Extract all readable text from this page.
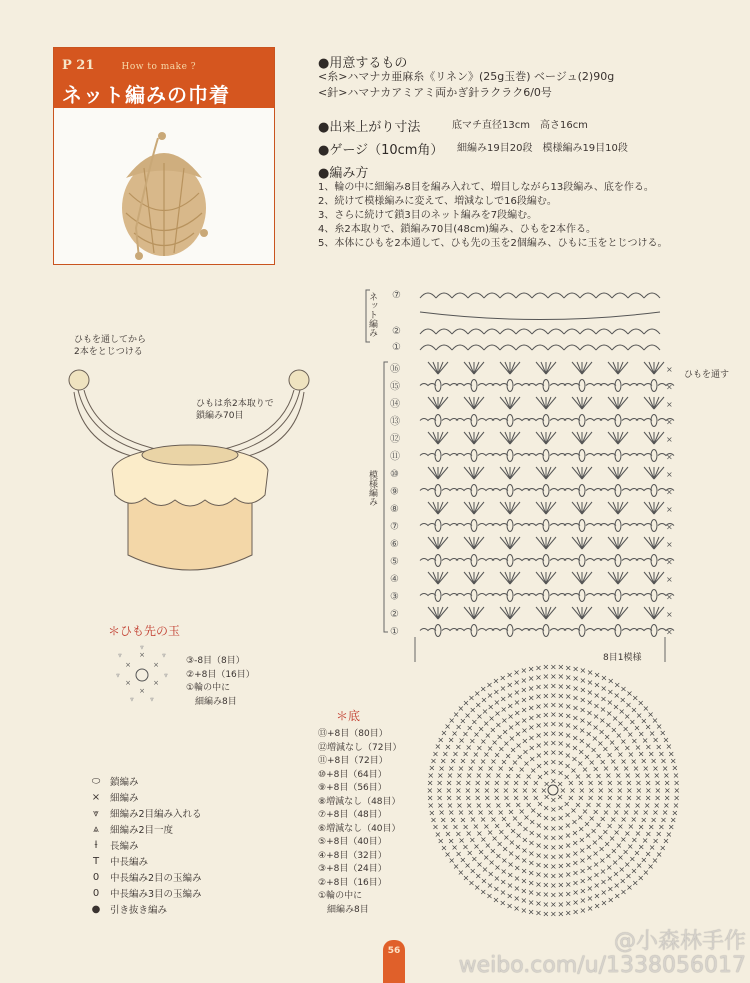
P 21	How to make ?
ネット編みの巾着
●用意するもの
<糸>ハマナカ亜麻糸《リネン》(25g玉巻) ベージュ(2)90g
<針>ハマナカアミアミ両かぎ針ラクラク6/0号
●出来上がり寸法	底マチ直径13cm　高さ16cm
●ゲージ（10cm角） 細編み19目20段　模様編み19目10段
●編み方
1、輪の中に細編み8目を編み入れて、増目しながら13段編み、底を作る。
2、続けて模様編みに変えて、増減なしで16段編む。
3、さらに続けて鎖3目のネット編みを7段編む。
4、糸2本取りで、鎖編み70目(48cm)編み、ひもを2本作る。
5、本体にひもを2本通して、ひも先の玉を2個編み、ひもに玉をとじつける。
ひもを通してから
2本をとじつける
ひもは糸2本取りで
鎖編み70目
＊ひも先の玉
×
×
×
×
×
×
⩔
⩔
⩔
⩔
⩔
⩔ ⩔
③-8目（8目）
②+8目（16目）
①輪の中に
　細編み8目
⬭ 鎖編み
× 細編み
⩔	細編み2目編み入れる
⩓	細編み2目一度
ƚ	長編み
T	中長編み
0 中長編み2目の玉編み
0 中長編み3目の玉編み
● 引き抜き編み
＊底
⑬+8目（80目）
⑫増減なし（72目）
⑪+8目（72目）
⑩+8目（64目）
⑨+8目（56目）
⑧増減なし（48目）
⑦+8目（48目）
⑥増減なし（40目）
⑤+8目（40目）
④+8目（32目）
③+8目（24目）
②+8目（16目）
①輪の中に
　細編み8目
⑦
②
①
⑯	×
⑮	×
⑭	×
⑬	×
⑫	×
⑪	×
⑩	×
⑨	×
⑧	×
⑦	×
⑥	×
⑤	×
④	×
③	×
②	×
①	×
×
×
×
×
×
× × ×
×
×
×
×
×
×
×
×
×
×
× × × × ×
×
×
×
×
×
×
×
×
×
×
×
×
×
×
×
×
×
× × × × ×
×
×
×
×
×
×
×
×
×
×
×
×
×
×
×
×
×
×
×
×
×
×
×
×
× × × × × × ×
×
×
×
×
×
×
×
×
×
×
×
×
×
×
×
×
×
×
×
×
×
×
×
×
×
×
×
×
×
×
× × × × × × × × ×
×
×
×
×
×
×
×
×
×
×
×
×
×
×
×
×
×
×
×
×
×
×
×
×
×
×
×
×
×
×
×
×
×
×
×
×
× × × × × × × × × × ×
×
×
×
×
×
×
×
×
×
×
×
×
×
×
×
×
×
×
×
×
×
×
×
×
×
×
×
×
×
×
×
×
×
×
×
×
×
×
×
×
×
×
× × × × × × × × × × × × ×
×
×
×
×
×
×
×
×
×
×
×
×
×
×
×
×
×
×
×
×
×
×
×
×
×
×
×
×
×
×
×
×
×
×
×
×
×
×
×
×
×
×
×
×
×
×
×
×
× × × × × × × × × × × × × × ×
×
×
×
×
×
×
×
×
×
×
×
×
×
×
×
×
×
×
×
×
×
×
×
×
×
×
×
×
×
×
×
×
×
×
×
×
×
×
×
×
×
×
×
×
×
×
×
×
×
×
×
×
×
×
×
× × × × × × × × × × × × × × ×
×
×
×
×
×
×
×
×
×
×
×
×
×
×
×
×
×
×
×
×
×
×
×
×
×
×
×
×
×
×
×
×
×
×
×
×
×
×
×
×
×
×
×
×
×
×
×
×
×
×
×
×
×
×
×
×
×
×
×
×
×
×
× × × × × × × × × × × × × × × × ×
×
×
×
×
×
×
×
×
×
×
×
×
×
×
×
×
×
×
×
×
×
×
×
×
×
×
×
×
×
×
×
×
×
×
×
×
×
×
×
×
×
×
×
×
×
×
×
×
×
×
×
×
×
×
×
×
×
×
×
×
×
×
×
×
×
×
×
×
× × × × × × × × × × × × × × × × × × ×
×
×
×
×
×
×
×
×
×
×
×
×
×
×
×
×
×
×
×
×
×
×
×
×
×
×
×
×
×
×
×
×
×
×
×
×
×
×
×
×
×
×
×
×
×
×
×
×
×
×
×
×
×
×
×
×
×
×
×
×
×
×
×
×
×
×
×
×
×
×
×
×
×
×
× × × × × × × × × × × × × × × × × × × × ×
×
×
×
×
×
×
×
×
×
×
×
×
×
×
×
×
×
×
×
×
×
×
×
×
×
×
×
×
×
×
×
×
×
×
×
×
×
×
×
×
×
×
×
×
×
×
×
×
×
×
×
×
×
×
×
×
×
×
×
×
×
×
×
×
×
×
×
×
×
×
×
×
×
×
×
×
×
×
×
×
× × × × × × × × × × × × × × × × × × × × × × ×
×
×
×
×
×
×
×
×
×
×
×
×
×
×
ネット編み
模様編み
ひもを通す
8目1模様
56	@小森林手作
weibo.com/u/1338056017
